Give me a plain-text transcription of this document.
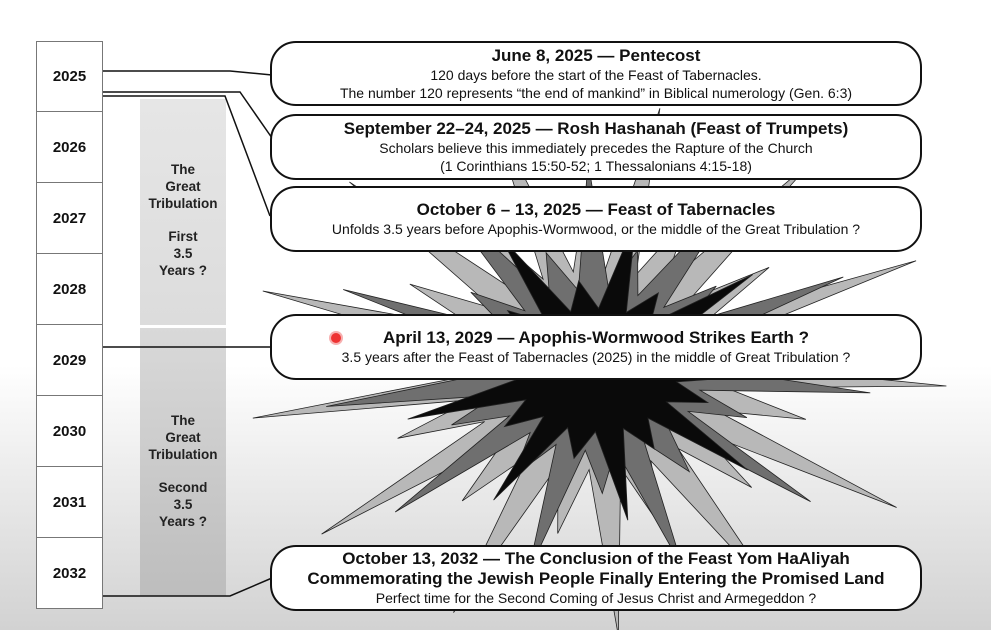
2025
2026
2027
2028
2029
2030
2031
2032
The
Great
Tribulation
First
3.5
Years ?
The
Great
Tribulation
Second
3.5
Years ?
June 8, 2025 — Pentecost
120 days before the start of the Feast of Tabernacles.
The number 120 represents “the end of mankind” in Biblical numerology (Gen. 6:3)
September 22–24, 2025 — Rosh Hashanah (Feast of Trumpets)
Scholars believe this immediately precedes the Rapture of the Church
(1 Corinthians 15:50-52; 1 Thessalonians 4:15-18)
October 6 – 13, 2025 — Feast of Tabernacles
Unfolds 3.5 years before Apophis-Wormwood, or the middle of the Great Tribulation ?
April 13, 2029 — Apophis-Wormwood Strikes Earth ?
3.5 years after the Feast of Tabernacles (2025) in the middle of Great Tribulation ?
October 13, 2032 — The Conclusion of the Feast Yom HaAliyah
Commemorating the Jewish People Finally Entering the Promised Land
Perfect time for the Second Coming of Jesus Christ and Armegeddon ?
